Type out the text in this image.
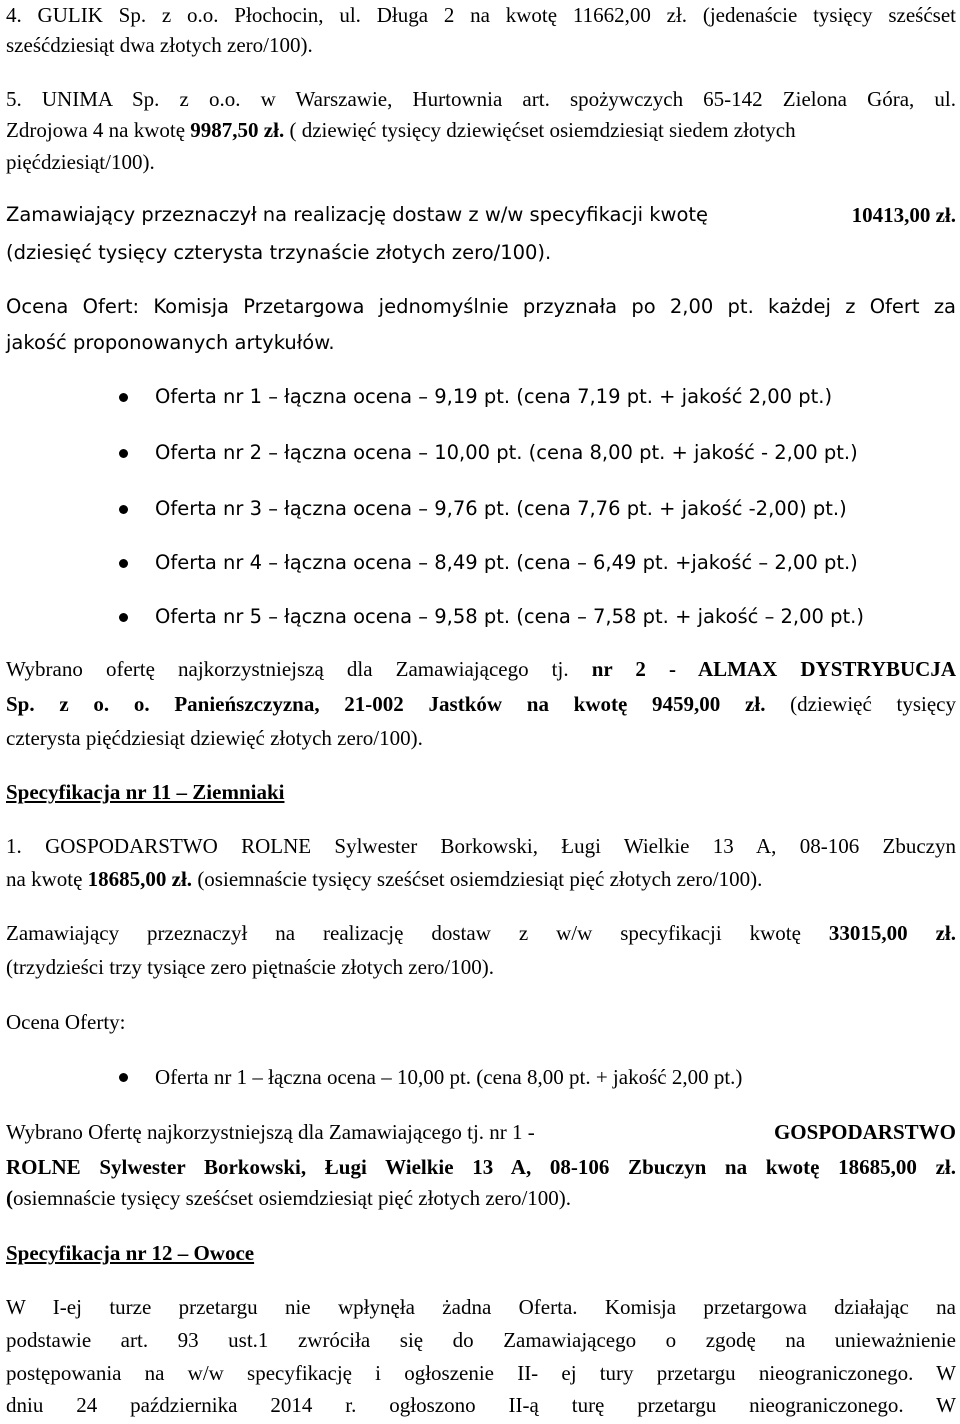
4. GULIK Sp. z o.o. Płochocin, ul. Długa 2 na kwotę 11662,00 zł. (jedenaście tysięcy sześćset
sześćdziesiąt dwa złotych zero/100).
5. UNIMA Sp. z o.o. w Warszawie, Hurtownia art. spożywczych 65-142 Zielona Góra, ul.
Zdrojowa 4 na kwotę 9987,50 zł. ( dziewięć tysięcy dziewięćset osiemdziesiąt siedem złotych
pięćdziesiąt/100).
Zamawiający przeznaczył na realizację dostaw z w/w specyfikacji kwotę	10413,00 zł.
(dziesięć tysięcy czterysta trzynaście złotych zero/100).
Ocena Ofert: Komisja Przetargowa jednomyślnie przyznała po 2,00 pt. każdej z Ofert za
jakość proponowanych artykułów.
Oferta nr 1 – łączna ocena – 9,19 pt. (cena 7,19 pt. + jakość 2,00 pt.)
Oferta nr 2 – łączna ocena – 10,00 pt. (cena 8,00 pt. + jakość - 2,00 pt.)
Oferta nr 3 – łączna ocena – 9,76 pt. (cena 7,76 pt. + jakość -2,00) pt.)
Oferta nr 4 – łączna ocena – 8,49 pt. (cena – 6,49 pt. +jakość – 2,00 pt.)
Oferta nr 5 – łączna ocena – 9,58 pt. (cena – 7,58 pt. + jakość – 2,00 pt.)
Wybrano ofertę najkorzystniejszą dla Zamawiającego tj. nr 2 - ALMAX DYSTRYBUCJA
Sp. z o. o. Panieńszczyzna, 21-002 Jastków na kwotę 9459,00 zł. (dziewięć tysięcy
czterysta pięćdziesiąt dziewięć złotych zero/100).
Specyfikacja nr 11 – Ziemniaki
1. GOSPODARSTWO ROLNE Sylwester Borkowski, Ługi Wielkie 13 A, 08-106 Zbuczyn
na kwotę 18685,00 zł. (osiemnaście tysięcy sześćset osiemdziesiąt pięć złotych zero/100).
Zamawiający przeznaczył na realizację dostaw z w/w specyfikacji kwotę 33015,00 zł.
(trzydzieści trzy tysiące zero piętnaście złotych zero/100).
Ocena Oferty:
Oferta nr 1 – łączna ocena – 10,00 pt. (cena 8,00 pt. + jakość 2,00 pt.)
Wybrano Ofertę najkorzystniejszą dla Zamawiającego tj. nr 1 -	GOSPODARSTWO
ROLNE Sylwester Borkowski, Ługi Wielkie 13 A, 08-106 Zbuczyn na kwotę 18685,00 zł.
(osiemnaście tysięcy sześćset osiemdziesiąt pięć złotych zero/100).
Specyfikacja nr 12 – Owoce
W I-ej turze przetargu nie wpłynęła żadna Oferta. Komisja przetargowa działając na
podstawie art. 93 ust.1 zwróciła się do Zamawiającego o zgodę na unieważnienie
postępowania na w/w specyfikację i ogłoszenie II- ej tury przetargu nieograniczonego. W
dniu 24 października 2014 r. ogłoszono II-ą turę przetargu nieograniczonego. W
